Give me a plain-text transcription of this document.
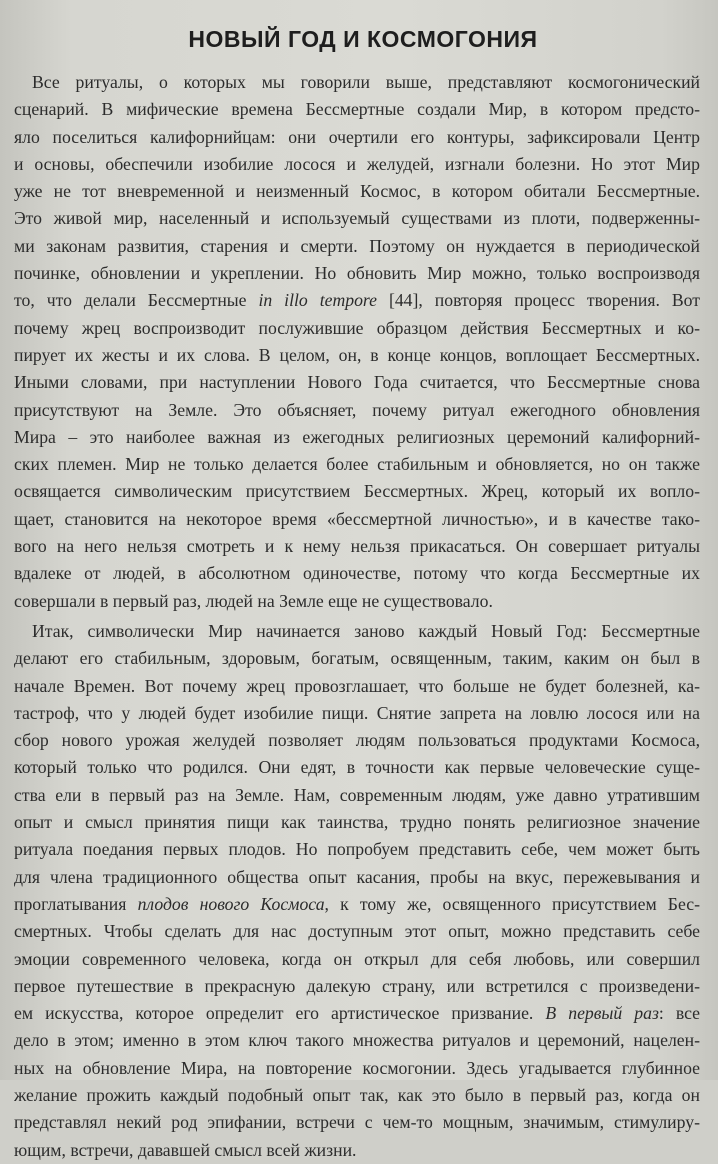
НОВЫЙ ГОД И КОСМОГОНИЯ
Все ритуалы, о которых мы говорили выше, представляют космогонический
сценарий. В мифические времена Бессмертные создали Мир, в котором предсто-
яло поселиться калифорнийцам: они очертили его контуры, зафиксировали Центр
и основы, обеспечили изобилие лосося и желудей, изгнали болезни. Но этот Мир
уже не тот вневременной и неизменный Космос, в котором обитали Бессмертные.
Это живой мир, населенный и используемый существами из плоти, подверженны-
ми законам развития, старения и смерти. Поэтому он нуждается в периодической
починке, обновлении и укреплении. Но обновить Мир можно, только воспроизводя
то, что делали Бессмертные in illo tempore [44], повторяя процесс творения. Вот
почему жрец воспроизводит послужившие образцом действия Бессмертных и ко-
пирует их жесты и их слова. В целом, он, в конце концов, воплощает Бессмертных.
Иными словами, при наступлении Нового Года считается, что Бессмертные снова
присутствуют на Земле. Это объясняет, почему ритуал ежегодного обновления
Мира – это наиболее важная из ежегодных религиозных церемоний калифорний-
ских племен. Мир не только делается более стабильным и обновляется, но он также
освящается символическим присутствием Бессмертных. Жрец, который их вопло-
щает, становится на некоторое время «бессмертной личностью», и в качестве тако-
вого на него нельзя смотреть и к нему нельзя прикасаться. Он совершает ритуалы
вдалеке от людей, в абсолютном одиночестве, потому что когда Бессмертные их
совершали в первый раз, людей на Земле еще не существовало.
Итак, символически Мир начинается заново каждый Новый Год: Бессмертные
делают его стабильным, здоровым, богатым, освященным, таким, каким он был в
начале Времен. Вот почему жрец провозглашает, что больше не будет болезней, ка-
тастроф, что у людей будет изобилие пищи. Снятие запрета на ловлю лосося или на
сбор нового урожая желудей позволяет людям пользоваться продуктами Космоса,
который только что родился. Они едят, в точности как первые человеческие суще-
ства ели в первый раз на Земле. Нам, современным людям, уже давно утратившим
опыт и смысл принятия пищи как таинства, трудно понять религиозное значение
ритуала поедания первых плодов. Но попробуем представить себе, чем может быть
для члена традиционного общества опыт касания, пробы на вкус, пережевывания и
проглатывания плодов нового Космоса, к тому же, освященного присутствием Бес-
смертных. Чтобы сделать для нас доступным этот опыт, можно представить себе
эмоции современного человека, когда он открыл для себя любовь, или совершил
первое путешествие в прекрасную далекую страну, или встретился с произведени-
ем искусства, которое определит его артистическое призвание. В первый раз: все
дело в этом; именно в этом ключ такого множества ритуалов и церемоний, нацелен-
ных на обновление Мира, на повторение космогонии. Здесь угадывается глубинное
желание прожить каждый подобный опыт так, как это было в первый раз, когда он
представлял некий род эпифании, встречи с чем-то мощным, значимым, стимулиру-
ющим, встречи, дававшей смысл всей жизни.
